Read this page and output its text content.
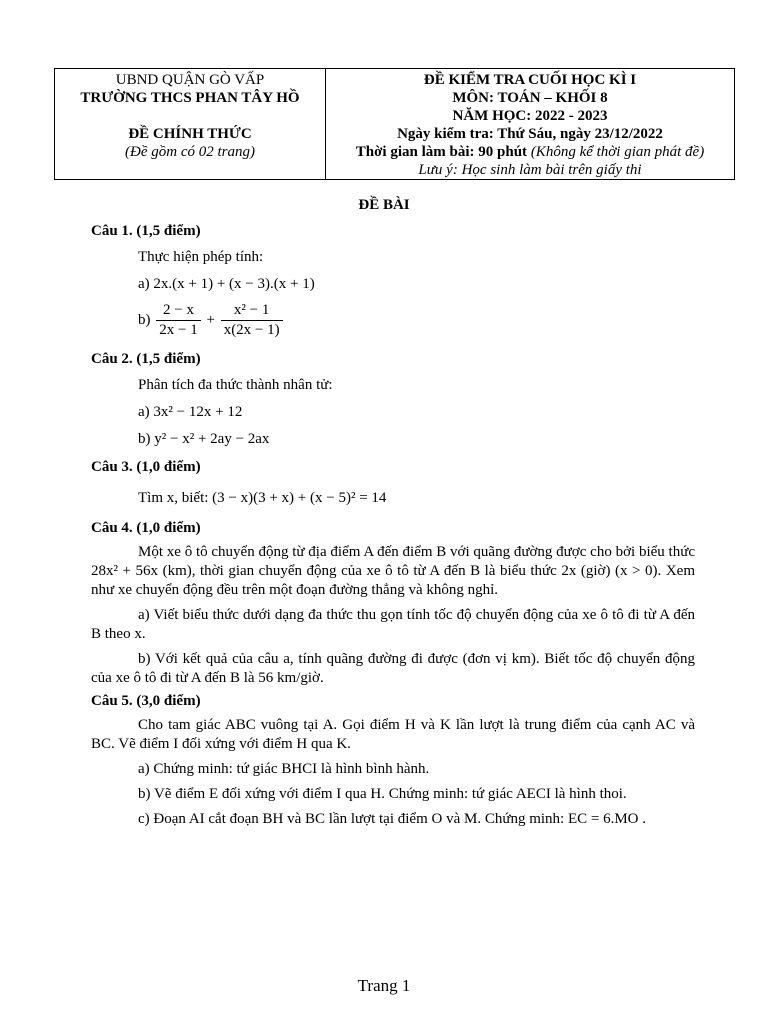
UBND QUẬN GÒ VẤP
TRƯỜNG THCS PHAN TÂY HỒ
ĐỀ CHÍNH THỨC
(Đề gồm có 02 trang)
ĐỀ KIỂM TRA CUỐI HỌC KÌ I
MÔN: TOÁN – KHỐI 8
NĂM HỌC: 2022 - 2023
Ngày kiểm tra: Thứ Sáu, ngày 23/12/2022
Thời gian làm bài: 90 phút (Không kể thời gian phát đề)
Lưu ý: Học sinh làm bài trên giấy thi
ĐỀ BÀI

Câu 1. (1,5 điểm)

Thực hiện phép tính:

a) 2x.(x + 1) + (x − 3).(x + 1)

$b) \frac{2 - x}{2x - 1} + \frac{\text{x² − 1}}{x(2x - 1)}$

Câu 2. (1,5 điểm)

Phân tích đa thức thành nhân tử:

a) 3x² − 12x + 12

b) y² − x² + 2ay − 2ax

Câu 3. (1,0 điểm)

Tìm x, biết: (3 − x)(3 + x) + (x − 5)² = 14

Câu 4. (1,0 điểm)

Một xe ô tô chuyển động từ địa điểm A đến điểm B với quãng đường được cho bởi biểu thức 28x² + 56x (km), thời gian chuyển động của xe ô tô từ A đến B là biểu thức 2x (giờ) (x > 0). Xem như xe chuyển động đều trên một đoạn đường thẳng và không nghỉ.

a) Viết biểu thức dưới dạng đa thức thu gọn tính tốc độ chuyển động của xe ô tô đi từ A đến B theo x.

b) Với kết quả của câu a, tính quãng đường đi được (đơn vị km). Biết tốc độ chuyển động của xe ô tô đi từ A đến B là 56 km/giờ.

Câu 5. (3,0 điểm)

Cho tam giác ABC vuông tại A. Gọi điểm H và K lần lượt là trung điểm của cạnh AC và BC. Vẽ điểm I đối xứng với điểm H qua K.

a) Chứng minh: tứ giác BHCI là hình bình hành.

b) Vẽ điểm E đối xứng với điểm I qua H. Chứng minh: tứ giác AECI là hình thoi.

c) Đoạn AI cắt đoạn BH và BC lần lượt tại điểm O và M. Chứng minh: EC = 6.MO .

Trang 1
